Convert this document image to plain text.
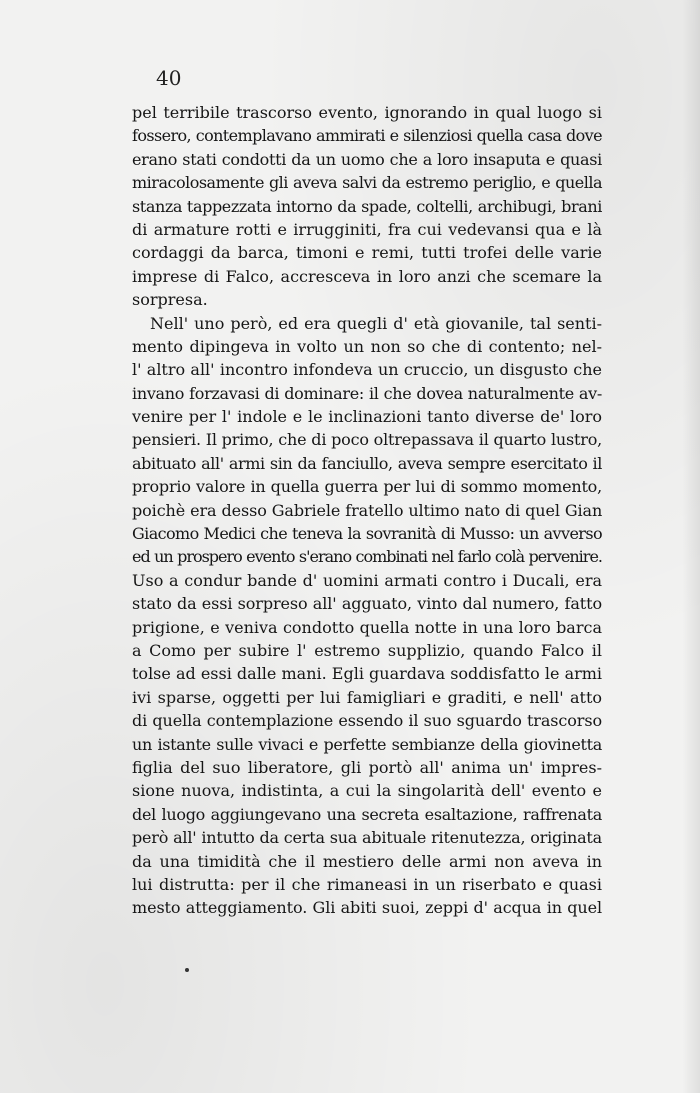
40
pel terribile trascorso evento, ignorando in qual luogo si
fossero, contemplavano ammirati e silenziosi quella casa dove
erano stati condotti da un uomo che a loro insaputa e quasi
miracolosamente gli aveva salvi da estremo periglio, e quella
stanza tappezzata intorno da spade, coltelli, archibugi, brani
di armature rotti e irrugginiti, fra cui vedevansi qua e là
cordaggi da barca, timoni e remi, tutti trofei delle varie
imprese di Falco, accresceva in loro anzi che scemare la
sorpresa.
Nell' uno però, ed era quegli d' età giovanile, tal senti-
mento dipingeva in volto un non so che di contento; nel-
l' altro all' incontro infondeva un cruccio, un disgusto che
invano forzavasi di dominare: il che dovea naturalmente av-
venire per l' indole e le inclinazioni tanto diverse de' loro
pensieri. Il primo, che di poco oltrepassava il quarto lustro,
abituato all' armi sin da fanciullo, aveva sempre esercitato il
proprio valore in quella guerra per lui di sommo momento,
poichè era desso Gabriele fratello ultimo nato di quel Gian
Giacomo Medici che teneva la sovranità di Musso: un avverso
ed un prospero evento s'erano combinati nel farlo colà pervenire.
Uso a condur bande d' uomini armati contro i Ducali, era
stato da essi sorpreso all' agguato, vinto dal numero, fatto
prigione, e veniva condotto quella notte in una loro barca
a Como per subire l' estremo supplizio, quando Falco il
tolse ad essi dalle mani. Egli guardava soddisfatto le armi
ivi sparse, oggetti per lui famigliari e graditi, e nell' atto
di quella contemplazione essendo il suo sguardo trascorso
un istante sulle vivaci e perfette sembianze della giovinetta
figlia del suo liberatore, gli portò all' anima un' impres-
sione nuova, indistinta, a cui la singolarità dell' evento e
del luogo aggiungevano una secreta esaltazione, raffrenata
però all' intutto da certa sua abituale ritenutezza, originata
da una timidità che il mestiero delle armi non aveva in
lui distrutta: per il che rimaneasi in un riserbato e quasi
mesto atteggiamento. Gli abiti suoi, zeppi d' acqua in quel
